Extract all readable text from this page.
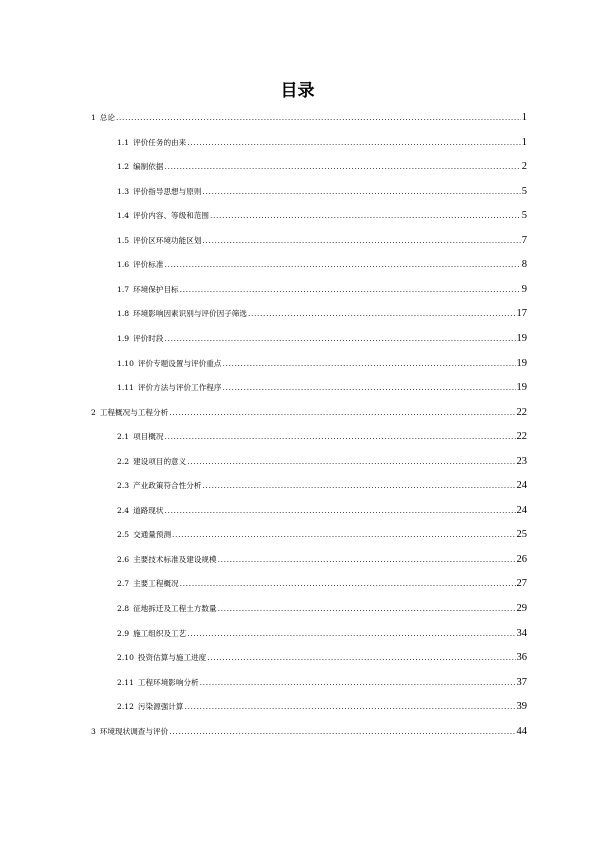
目录
1 总论 .....	1
1.1 评价任务的由来 .....	1
1.2 编制依据 .....	2
1.3 评价指导思想与原则 .....	5
1.4 评价内容、等级和范围 .....	5
1.5 评价区环境功能区划 .....	7
1.6 评价标准 .....	8
1.7 环境保护目标 .....	9
1.8 环境影响因素识别与评价因子筛选 .....	17
1.9 评价时段 .....	19
1.10 评价专题设置与评价重点 .....	19
1.11 评价方法与评价工作程序 .....	19
2 工程概况与工程分析 .....	22
2.1 项目概况 .....	22
2.2 建设项目的意义 .....	23
2.3 产业政策符合性分析 .....	24
2.4 道路现状 .....	24
2.5 交通量预测 .....	25
2.6 主要技术标准及建设规模 .....	26
2.7 主要工程概况 .....	27
2.8 征地拆迁及工程土方数量 .....	29
2.9 施工组织及工艺 .....	34
2.10 投资估算与施工进度 .....	36
2.11 工程环境影响分析 .....	37
2.12 污染源强计算 .....	39
3 环境现状调查与评价 .....	44
